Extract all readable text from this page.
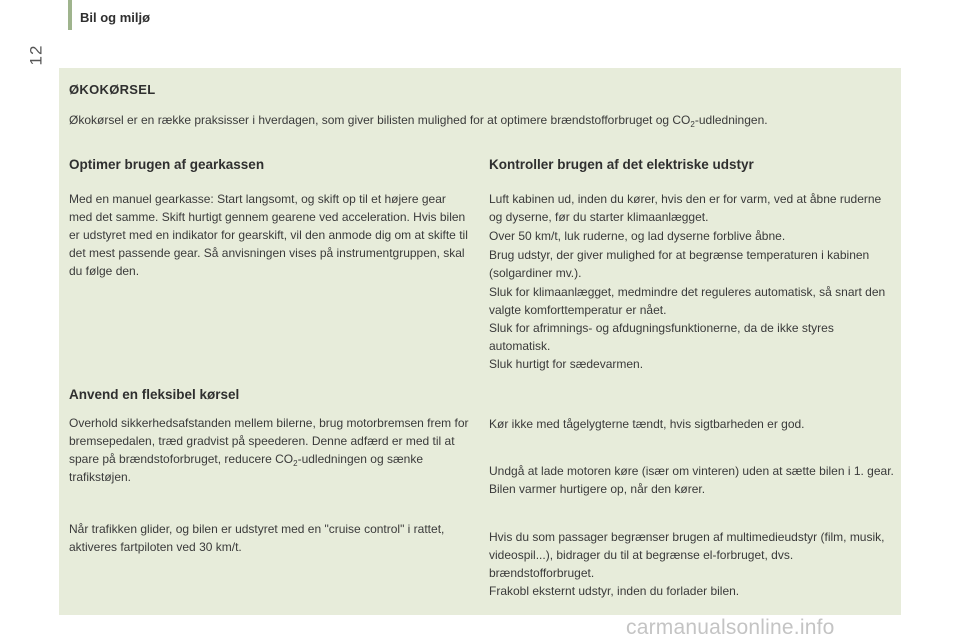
Bil og miljø
12
ØKOKØRSEL
Økokørsel er en række praksisser i hverdagen, som giver bilisten mulighed for at optimere brændstofforbruget og $CO_2$-udledningen.
Optimer brugen af gearkassen
Med en manuel gearkasse: Start langsomt, og skift op til et højere gear med det samme. Skift hurtigt gennem gearene ved acceleration. Hvis bilen er udstyret med en indikator for gearskift, vil den anmode dig om at skifte til det mest passende gear. Så anvisningen vises på instrumentgruppen, skal du følge den.
Anvend en fleksibel kørsel
Overhold sikkerhedsafstanden mellem bilerne, brug motorbremsen frem for bremsepedalen, træd gradvist på speederen. Denne adfærd er med til at spare på brændstoforbruget, reducere $CO_2$-udledningen og sænke trafikstøjen.
Når trafikken glider, og bilen er udstyret med en "cruise control" i rattet, aktiveres fartpiloten ved 30 km/t.
Kontroller brugen af det elektriske udstyr
Luft kabinen ud, inden du kører, hvis den er for varm, ved at åbne ruderne og dyserne, før du starter klimaanlægget.
Over 50 km/t, luk ruderne, og lad dyserne forblive åbne.
Brug udstyr, der giver mulighed for at begrænse temperaturen i kabinen (solgardiner mv.).
Sluk for klimaanlægget, medmindre det reguleres automatisk, så snart den valgte komforttemperatur er nået.
Sluk for afrimnings- og afdugningsfunktionerne, da de ikke styres automatisk.
Sluk hurtigt for sædevarmen.
Kør ikke med tågelygterne tændt, hvis sigtbarheden er god.
Undgå at lade motoren køre (især om vinteren) uden at sætte bilen i 1. gear. Bilen varmer hurtigere op, når den kører.
Hvis du som passager begrænser brugen af multimedieudstyr (film, musik, videospil...), bidrager du til at begrænse el-forbruget, dvs. brændstofforbruget.
Frakobl eksternt udstyr, inden du forlader bilen.
carmanualsonline.info
